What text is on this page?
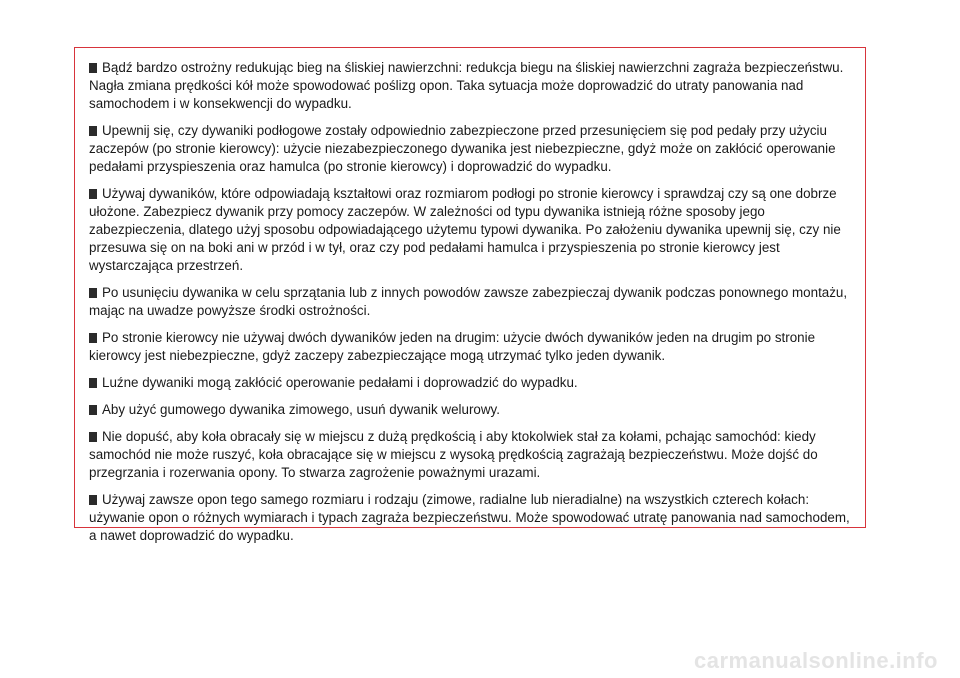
Bądź bardzo ostrożny redukując bieg na śliskiej nawierzchni: redukcja biegu na śliskiej nawierzchni zagraża bezpieczeństwu. Nagła zmiana prędkości kół może spowodować poślizg opon. Taka sytuacja może doprowadzić do utraty panowania nad samochodem i w konsekwencji do wypadku.

Upewnij się, czy dywaniki podłogowe zostały odpowiednio zabezpieczone przed przesunięciem się pod pedały przy użyciu zaczepów (po stronie kierowcy): użycie niezabezpieczonego dywanika jest niebezpieczne, gdyż może on zakłócić operowanie pedałami przyspieszenia oraz hamulca (po stronie kierowcy) i doprowadzić do wypadku.

Używaj dywaników, które odpowiadają kształtowi oraz rozmiarom podłogi po stronie kierowcy i sprawdzaj czy są one dobrze ułożone. Zabezpiecz dywanik przy pomocy zaczepów. W zależności od typu dywanika istnieją różne sposoby jego zabezpieczenia, dlatego użyj sposobu odpowiadającego użytemu typowi dywanika. Po założeniu dywanika upewnij się, czy nie przesuwa się on na boki ani w przód i w tył, oraz czy pod pedałami hamulca i przyspieszenia po stronie kierowcy jest wystarczająca przestrzeń.

Po usunięciu dywanika w celu sprzątania lub z innych powodów zawsze zabezpieczaj dywanik podczas ponownego montażu, mając na uwadze powyższe środki ostrożności.

Po stronie kierowcy nie używaj dwóch dywaników jeden na drugim: użycie dwóch dywaników jeden na drugim po stronie kierowcy jest niebezpieczne, gdyż zaczepy zabezpieczające mogą utrzymać tylko jeden dywanik.

Luźne dywaniki mogą zakłócić operowanie pedałami i doprowadzić do wypadku.

Aby użyć gumowego dywanika zimowego, usuń dywanik welurowy.

Nie dopuść, aby koła obracały się w miejscu z dużą prędkością i aby ktokolwiek stał za kołami, pchając samochód: kiedy samochód nie może ruszyć, koła obracające się w miejscu z wysoką prędkością zagrażają bezpieczeństwu. Może dojść do przegrzania i rozerwania opony. To stwarza zagrożenie poważnymi urazami.

Używaj zawsze opon tego samego rozmiaru i rodzaju (zimowe, radialne lub nieradialne) na wszystkich czterech kołach: używanie opon o różnych wymiarach i typach zagraża bezpieczeństwu. Może spowodować utratę panowania nad samochodem, a nawet doprowadzić do wypadku.

carmanualsonline.info
